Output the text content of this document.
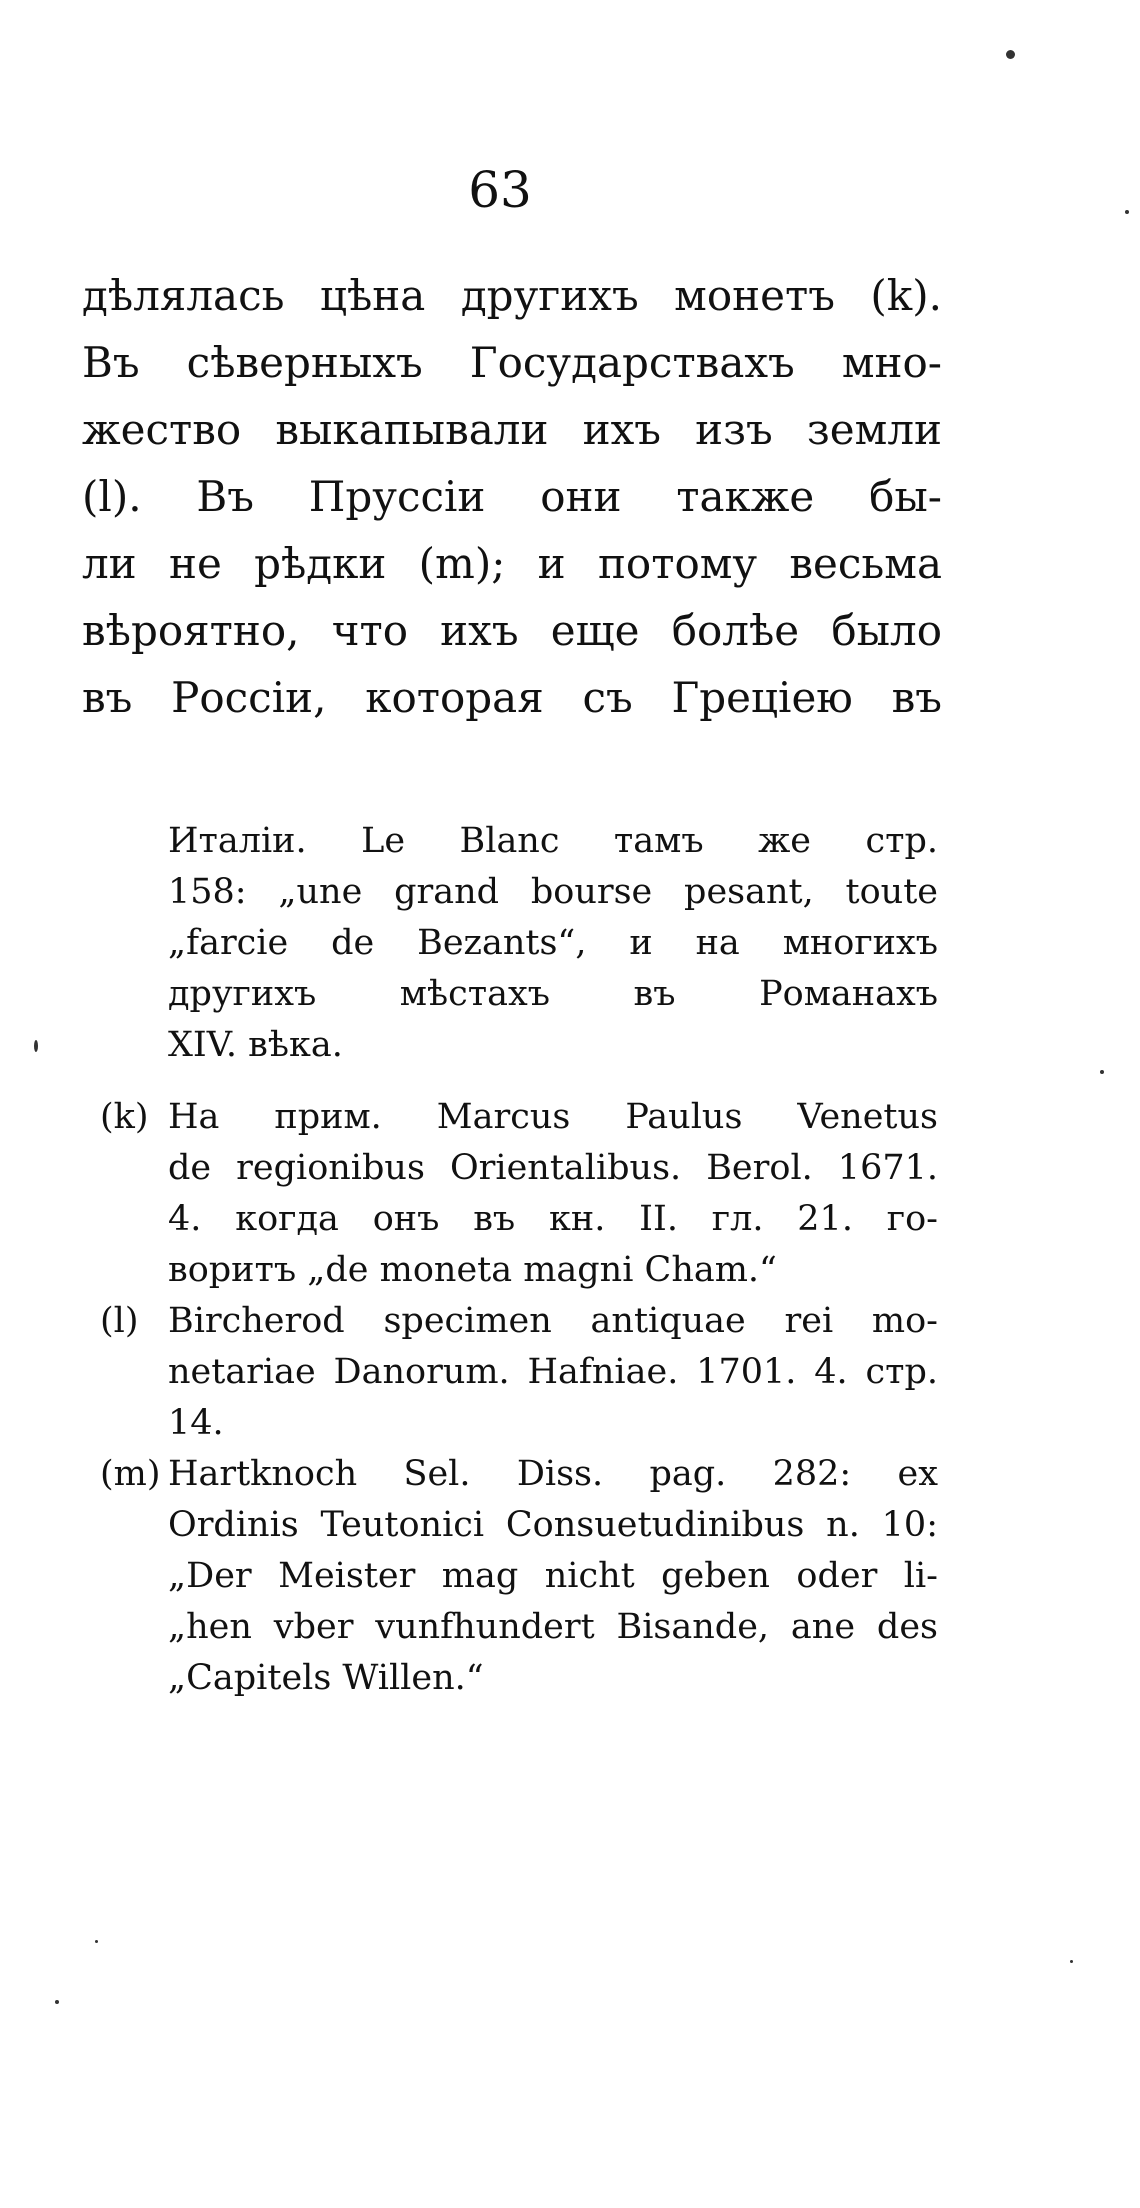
63
дѣлялась цѣна другихъ монетъ (k).
Въ сѣверныхъ Государствахъ мно-
жество выкапывали ихъ изъ земли
(l). Въ Пруссіи они также бы-
ли не рѣдки (m); и потому весьма
вѣроятно, что ихъ еще болѣе было
въ Россіи, которая съ Греціею въ
Италіи. Le Blanc тамъ же стр.
158: „une grand bourse pesant, toute
„farcie de Bezants“, и на многихъ
другихъ мѣстахъ въ Романахъ
XIV. вѣка.
(k) На прим. Marcus Paulus Venetus
de regionibus Orientalibus. Berol. 1671.
4. когда онъ въ кн. II. гл. 21. го-
воритъ „de moneta magni Cham.“
(l) Bircherod specimen antiquae rei mo-
netariae Danorum. Hafniae. 1701. 4. стр.
14.
(m) Hartknoch Sel. Diss. pag. 282: ex
Ordinis Teutonici Consuetudinibus n. 10:
„Der Meister mag nicht geben oder li-
„hen vber vunfhundert Bisande, ane des
„Capitels Willen.“
